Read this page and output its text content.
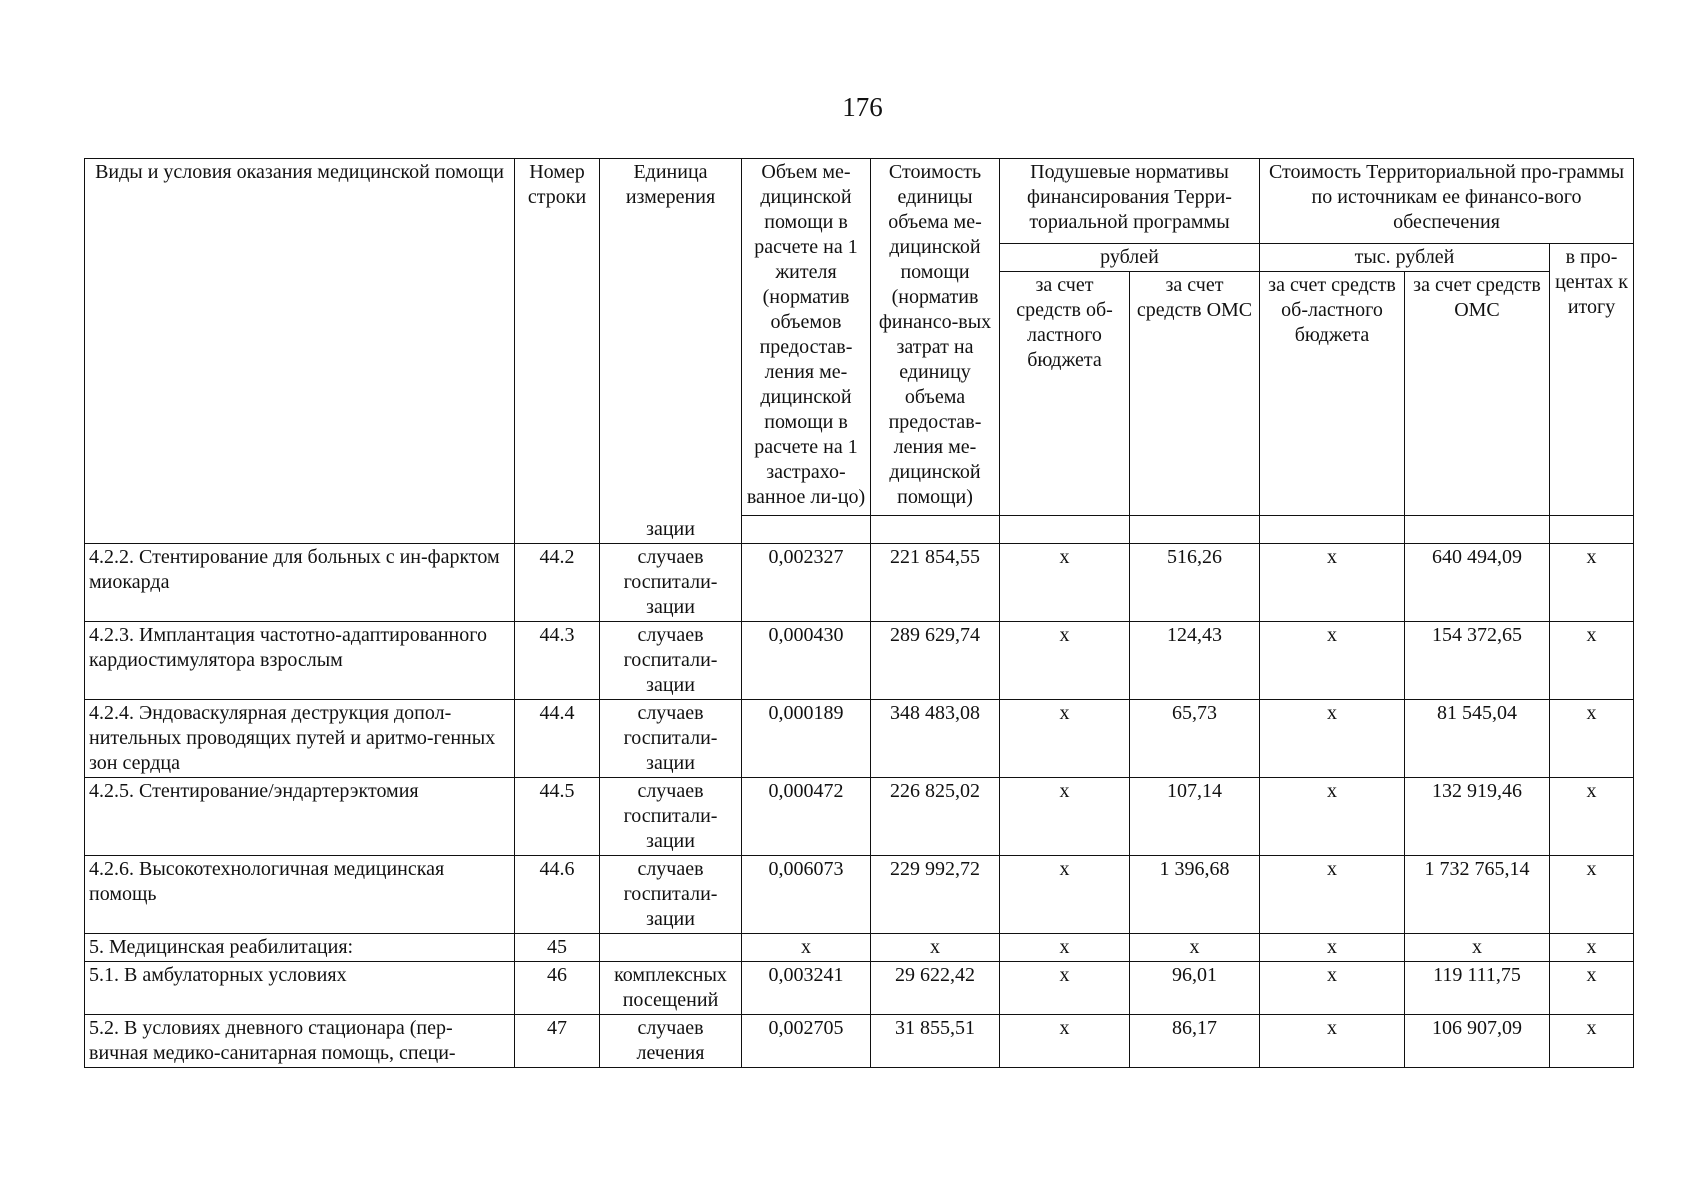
176
Виды и условия оказания медицинской помощи	Номер строки	Единица измерения	Объем ме-дицинской помощи в расчете на 1 жителя (норматив объемов предостав-ления ме-дицинской помощи в расчете на 1 застрахо-ванное ли-цо)	Стоимость единицы объема ме-дицинской помощи (норматив финансо-вых затрат на единицу объема предостав-ления ме-дицинской помощи)	Подушевые нормативы финансирования Терри-ториальной программы		Стоимость Территориальной про-граммы по источникам ее финансо-вого обеспечения		
					рублей		тыс. рублей		в про-центах к итогу
					за счет средств об-ластного бюджета	за счет средств ОМС	за счет средств об-ластного бюджета	за счет средств ОМС	
		зации							
4.2.2. Стентирование для больных с ин-фарктом миокарда	44.2	случаев госпитали-зации	0,002327	221 854,55	х	516,26	х	640 494,09	х
4.2.3. Имплантация частотно-адаптированного кардиостимулятора взрослым	44.3	случаев госпитали-зации	0,000430	289 629,74	х	124,43	х	154 372,65	х
4.2.4. Эндоваскулярная деструкция допол-нительных проводящих путей и аритмо-генных зон сердца	44.4	случаев госпитали-зации	0,000189	348 483,08	х	65,73	х	81 545,04	х
4.2.5. Стентирование/эндартерэктомия	44.5	случаев госпитали-зации	0,000472	226 825,02	х	107,14	х	132 919,46	х
4.2.6. Высокотехнологичная медицинская помощь	44.6	случаев госпитали-зации	0,006073	229 992,72	х	1 396,68	х	1 732 765,14	х
5. Медицинская реабилитация:	45		х	х	х	х	х	х	х
5.1. В амбулаторных условиях	46	комплексных посещений	0,003241	29 622,42	х	96,01	х	119 111,75	х
5.2. В условиях дневного стационара (пер-вичная медико-санитарная помощь, специ-	47	случаев лечения	0,002705	31 855,51	х	86,17	х	106 907,09	х
